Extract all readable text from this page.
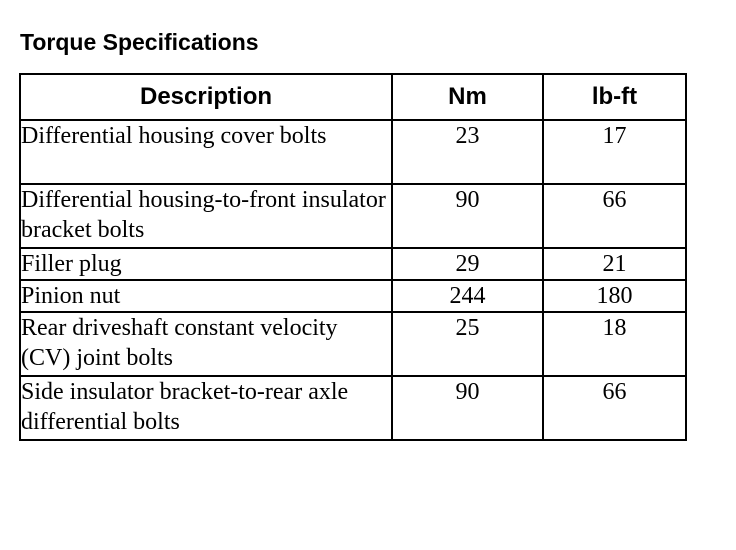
Torque Specifications
Description	Nm	lb-ft
Differential housing cover bolts	23	17
Differential housing-to-front insulator bracket bolts	90	66
Filler plug	29	21
Pinion nut	244	180
Rear driveshaft constant velocity (CV) joint bolts	25	18
Side insulator bracket-to-rear axle differential bolts	90	66
